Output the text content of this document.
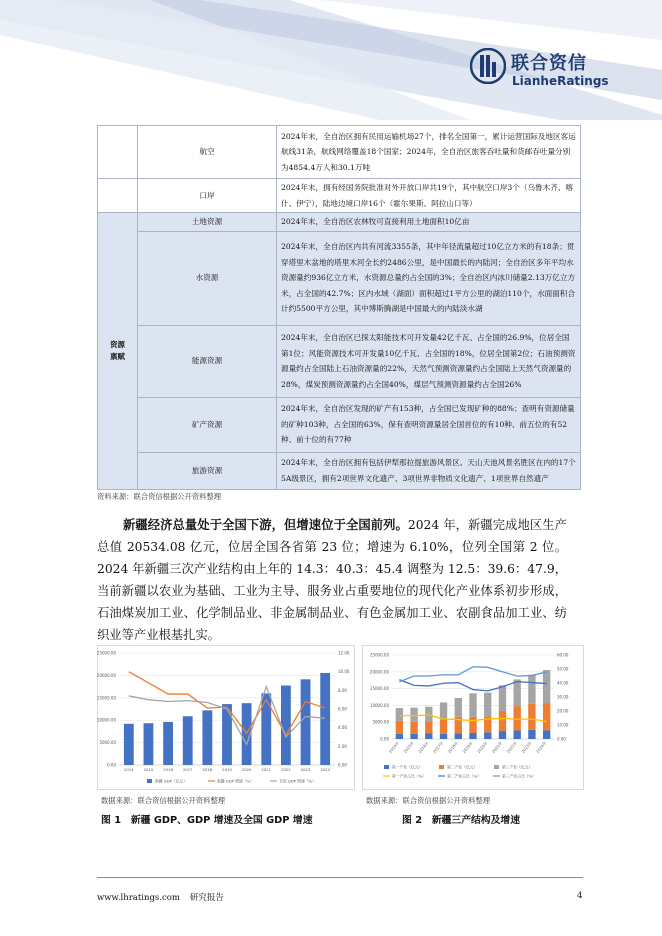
联合资信
LianheRatings
	航空	2024年末，全自治区拥有民用运输机场27个，排名全国第一，累计运营国际及地区客运航线31条，航线网络覆盖18个国家；2024年，全自治区旅客吞吐量和货邮吞吐量分别为4854.4万人和30.1万吨
	口岸	2024年末，拥有经国务院批准对外开放口岸共19个，其中航空口岸3个（乌鲁木齐、喀什、伊宁），陆地边境口岸16个（霍尔果斯、阿拉山口等）
资源禀赋	土地资源	2024年末，全自治区农林牧可直接利用土地面积10亿亩
	水资源	2024年末，全自治区内共有河流3355条，其中年径流量超过10亿立方米的有18条；贯穿塔里木盆地的塔里木河全长约2486公里，是中国最长的内陆河；全自治区多年平均水资源量约936亿立方米，水资源总量约占全国的3%；全自治区内冰川储量2.13万亿立方米，占全国的42.7%；区内水域（湖面）面积超过1平方公里的湖泊110个，水面面积合计约5500平方公里，其中博斯腾湖是中国最大的内陆淡水湖
	能源资源	2024年末，全自治区已探太阳能技术可开发量42亿千瓦、占全国的26.9%，位居全国第1位；风能资源技术可开发量10亿千瓦、占全国的18%，位居全国第2位；石油预测资源量约占全国陆上石油资源量的22%，天然气预测资源量约占全国陆上天然气资源量的28%，煤炭预测资源量约占全国40%，煤层气预测资源量约占全国26%
	矿产资源	2024年末，全自治区发现的矿产有153种，占全国已发现矿种的88%；查明有资源储量的矿种103种，占全国的63%，保有查明资源量居全国首位的有10种、前五位的有52种、前十位的有77种
	旅游资源	2024年末，全自治区拥有包括伊犁那拉提旅游风景区、天山天池风景名胜区在内的17个5A级景区，拥有2项世界文化遗产、3项世界非物质文化遗产、1项世界自然遗产
资料来源：联合资信根据公开资料整理

新疆经济总量处于全国下游，但增速位于全国前列。2024 年，新疆完成地区生产总值 20534.08 亿元，位居全国各省第 23 位；增速为 6.10%，位列全国第 2 位。2024 年新疆三次产业结构由上年的 14.3：40.3：45.4 调整为 12.5：39.6：47.9，当前新疆以农业为基础、工业为主导、服务业占重要地位的现代化产业体系初步形成，石油煤炭加工业、化学制品业、非金属制品业、有色金属加工业、农副食品加工业、纺织业等产业根基扎实。

0.00
5000.00
10000.00
15000.00
20000.00
25000.00
0.00
2.00
4.00
6.00
8.00
10.00
12.00
2014	2015	2016	2017	2018	2019	2020	2021	2022	2023	2024
新疆 GDP（亿元）	新疆 GDP 增速（%）	全国 GDP 增速（%）
数据来源：联合资信根据公开资料整理
图 1　新疆 GDP、GDP 增速及全国 GDP 增速
0.00
5000.00
10000.00
15000.00
20000.00
25000.00
0.00
10.00
20.00
30.00
40.00
50.00
60.00
2014年 2015年 2016年 2017年 2018年 2019年 2020年 2021年 2022年 2023年 2024年
第一产业（亿元）	第二产业（亿元）	第三产业（亿元）
第一产业占比（%）	第二产业占比（%）	第三产业占比（%）
数据来源：联合资信根据公开资料整理
图 2　新疆三产结构及增速
www.lhratings.com 研究报告	4
